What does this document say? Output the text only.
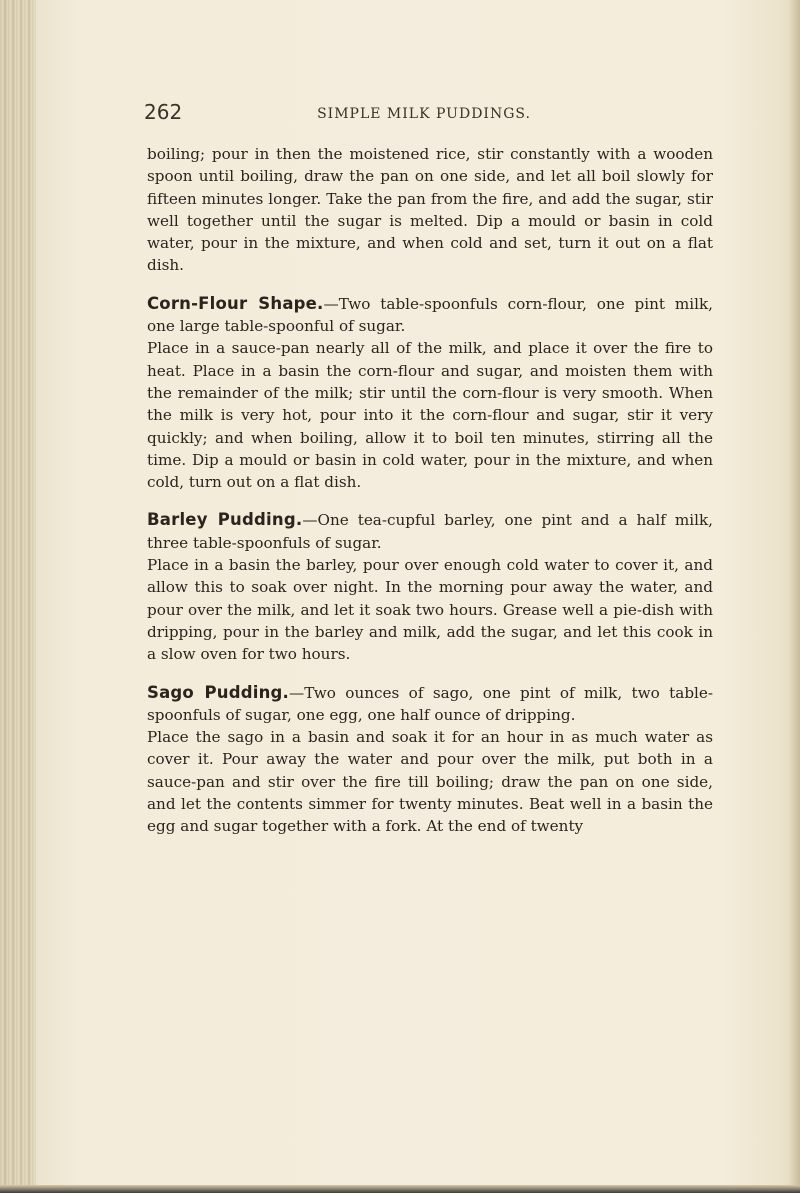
262	SIMPLE MILK PUDDINGS.

boiling; pour in then the moistened rice, stir constantly with a wooden spoon until boiling, draw the pan on one side, and let all boil slowly for fifteen minutes longer. Take the pan from the fire, and add the sugar, stir well together until the sugar is melted. Dip a mould or basin in cold water, pour in the mixture, and when cold and set, turn it out on a flat dish.

Corn-Flour Shape.—Two table-spoonfuls corn-flour, one pint milk, one large table-spoonful of sugar.

Place in a sauce-pan nearly all of the milk, and place it over the fire to heat. Place in a basin the corn-flour and sugar, and moisten them with the remainder of the milk; stir until the corn-flour is very smooth. When the milk is very hot, pour into it the corn-flour and sugar, stir it very quickly; and when boiling, allow it to boil ten minutes, stirring all the time. Dip a mould or basin in cold water, pour in the mixture, and when cold, turn out on a flat dish.

Barley Pudding.—One tea-cupful barley, one pint and a half milk, three table-spoonfuls of sugar.

Place in a basin the barley, pour over enough cold water to cover it, and allow this to soak over night. In the morning pour away the water, and pour over the milk, and let it soak two hours. Grease well a pie-dish with dripping, pour in the barley and milk, add the sugar, and let this cook in a slow oven for two hours.

Sago Pudding.—Two ounces of sago, one pint of milk, two table-spoonfuls of sugar, one egg, one half ounce of dripping.

Place the sago in a basin and soak it for an hour in as much water as cover it. Pour away the water and pour over the milk, put both in a sauce-pan and stir over the fire till boiling; draw the pan on one side, and let the contents simmer for twenty minutes. Beat well in a basin the egg and sugar together with a fork. At the end of twenty
